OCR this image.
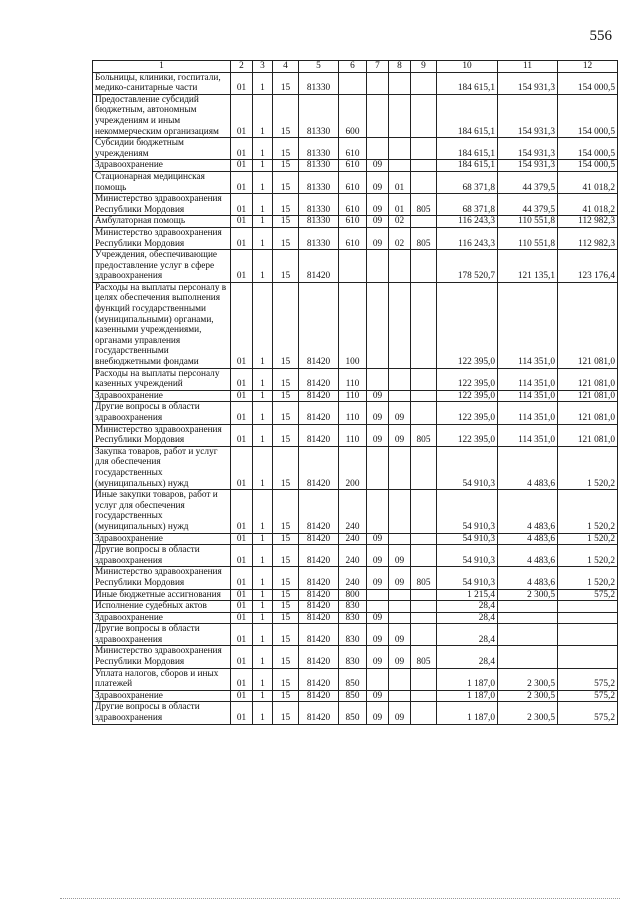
556
1	2	3	4	5	6	7	8	9	10	11	12
Больницы, клиники, госпитали, медико-санитарные части	01	1	15	81330					184 615,1	154 931,3	154 000,5
Предоставление субсидий бюджетным, автономным учреждениям и иным некоммерческим организациям	01	1	15	81330	600				184 615,1	154 931,3	154 000,5
Субсидии бюджетным учреждениям	01	1	15	81330	610				184 615,1	154 931,3	154 000,5
Здравоохранение	01	1	15	81330	610	09			184 615,1	154 931,3	154 000,5
Стационарная медицинская помощь	01	1	15	81330	610	09	01		68 371,8	44 379,5	41 018,2
Министерство здравоохранения Республики Мордовия	01	1	15	81330	610	09	01	805	68 371,8	44 379,5	41 018,2
Амбулаторная помощь	01	1	15	81330	610	09	02		116 243,3	110 551,8	112 982,3
Министерство здравоохранения Республики Мордовия	01	1	15	81330	610	09	02	805	116 243,3	110 551,8	112 982,3
Учреждения, обеспечивающие предоставление услуг в сфере здравоохранения	01	1	15	81420					178 520,7	121 135,1	123 176,4
Расходы на выплаты персоналу в целях обеспечения выполнения функций государственными (муниципальными) органами, казенными учреждениями, органами управления государственными внебюджетными фондами	01	1	15	81420	100				122 395,0	114 351,0	121 081,0
Расходы на выплаты персоналу казенных учреждений	01	1	15	81420	110				122 395,0	114 351,0	121 081,0
Здравоохранение	01	1	15	81420	110	09			122 395,0	114 351,0	121 081,0
Другие вопросы в области здравоохранения	01	1	15	81420	110	09	09		122 395,0	114 351,0	121 081,0
Министерство здравоохранения Республики Мордовия	01	1	15	81420	110	09	09	805	122 395,0	114 351,0	121 081,0
Закупка товаров, работ и услуг для обеспечения государственных (муниципальных) нужд	01	1	15	81420	200				54 910,3	4 483,6	1 520,2
Иные закупки товаров, работ и услуг для обеспечения государственных (муниципальных) нужд	01	1	15	81420	240				54 910,3	4 483,6	1 520,2
Здравоохранение	01	1	15	81420	240	09			54 910,3	4 483,6	1 520,2
Другие вопросы в области здравоохранения	01	1	15	81420	240	09	09		54 910,3	4 483,6	1 520,2
Министерство здравоохранения Республики Мордовия	01	1	15	81420	240	09	09	805	54 910,3	4 483,6	1 520,2
Иные бюджетные ассигнования	01	1	15	81420	800				1 215,4	2 300,5	575,2
Исполнение судебных актов	01	1	15	81420	830				28,4		
Здравоохранение	01	1	15	81420	830	09			28,4		
Другие вопросы в области здравоохранения	01	1	15	81420	830	09	09		28,4		
Министерство здравоохранения Республики Мордовия	01	1	15	81420	830	09	09	805	28,4		
Уплата налогов, сборов и иных платежей	01	1	15	81420	850				1 187,0	2 300,5	575,2
Здравоохранение	01	1	15	81420	850	09			1 187,0	2 300,5	575,2
Другие вопросы в области здравоохранения	01	1	15	81420	850	09	09		1 187,0	2 300,5	575,2
